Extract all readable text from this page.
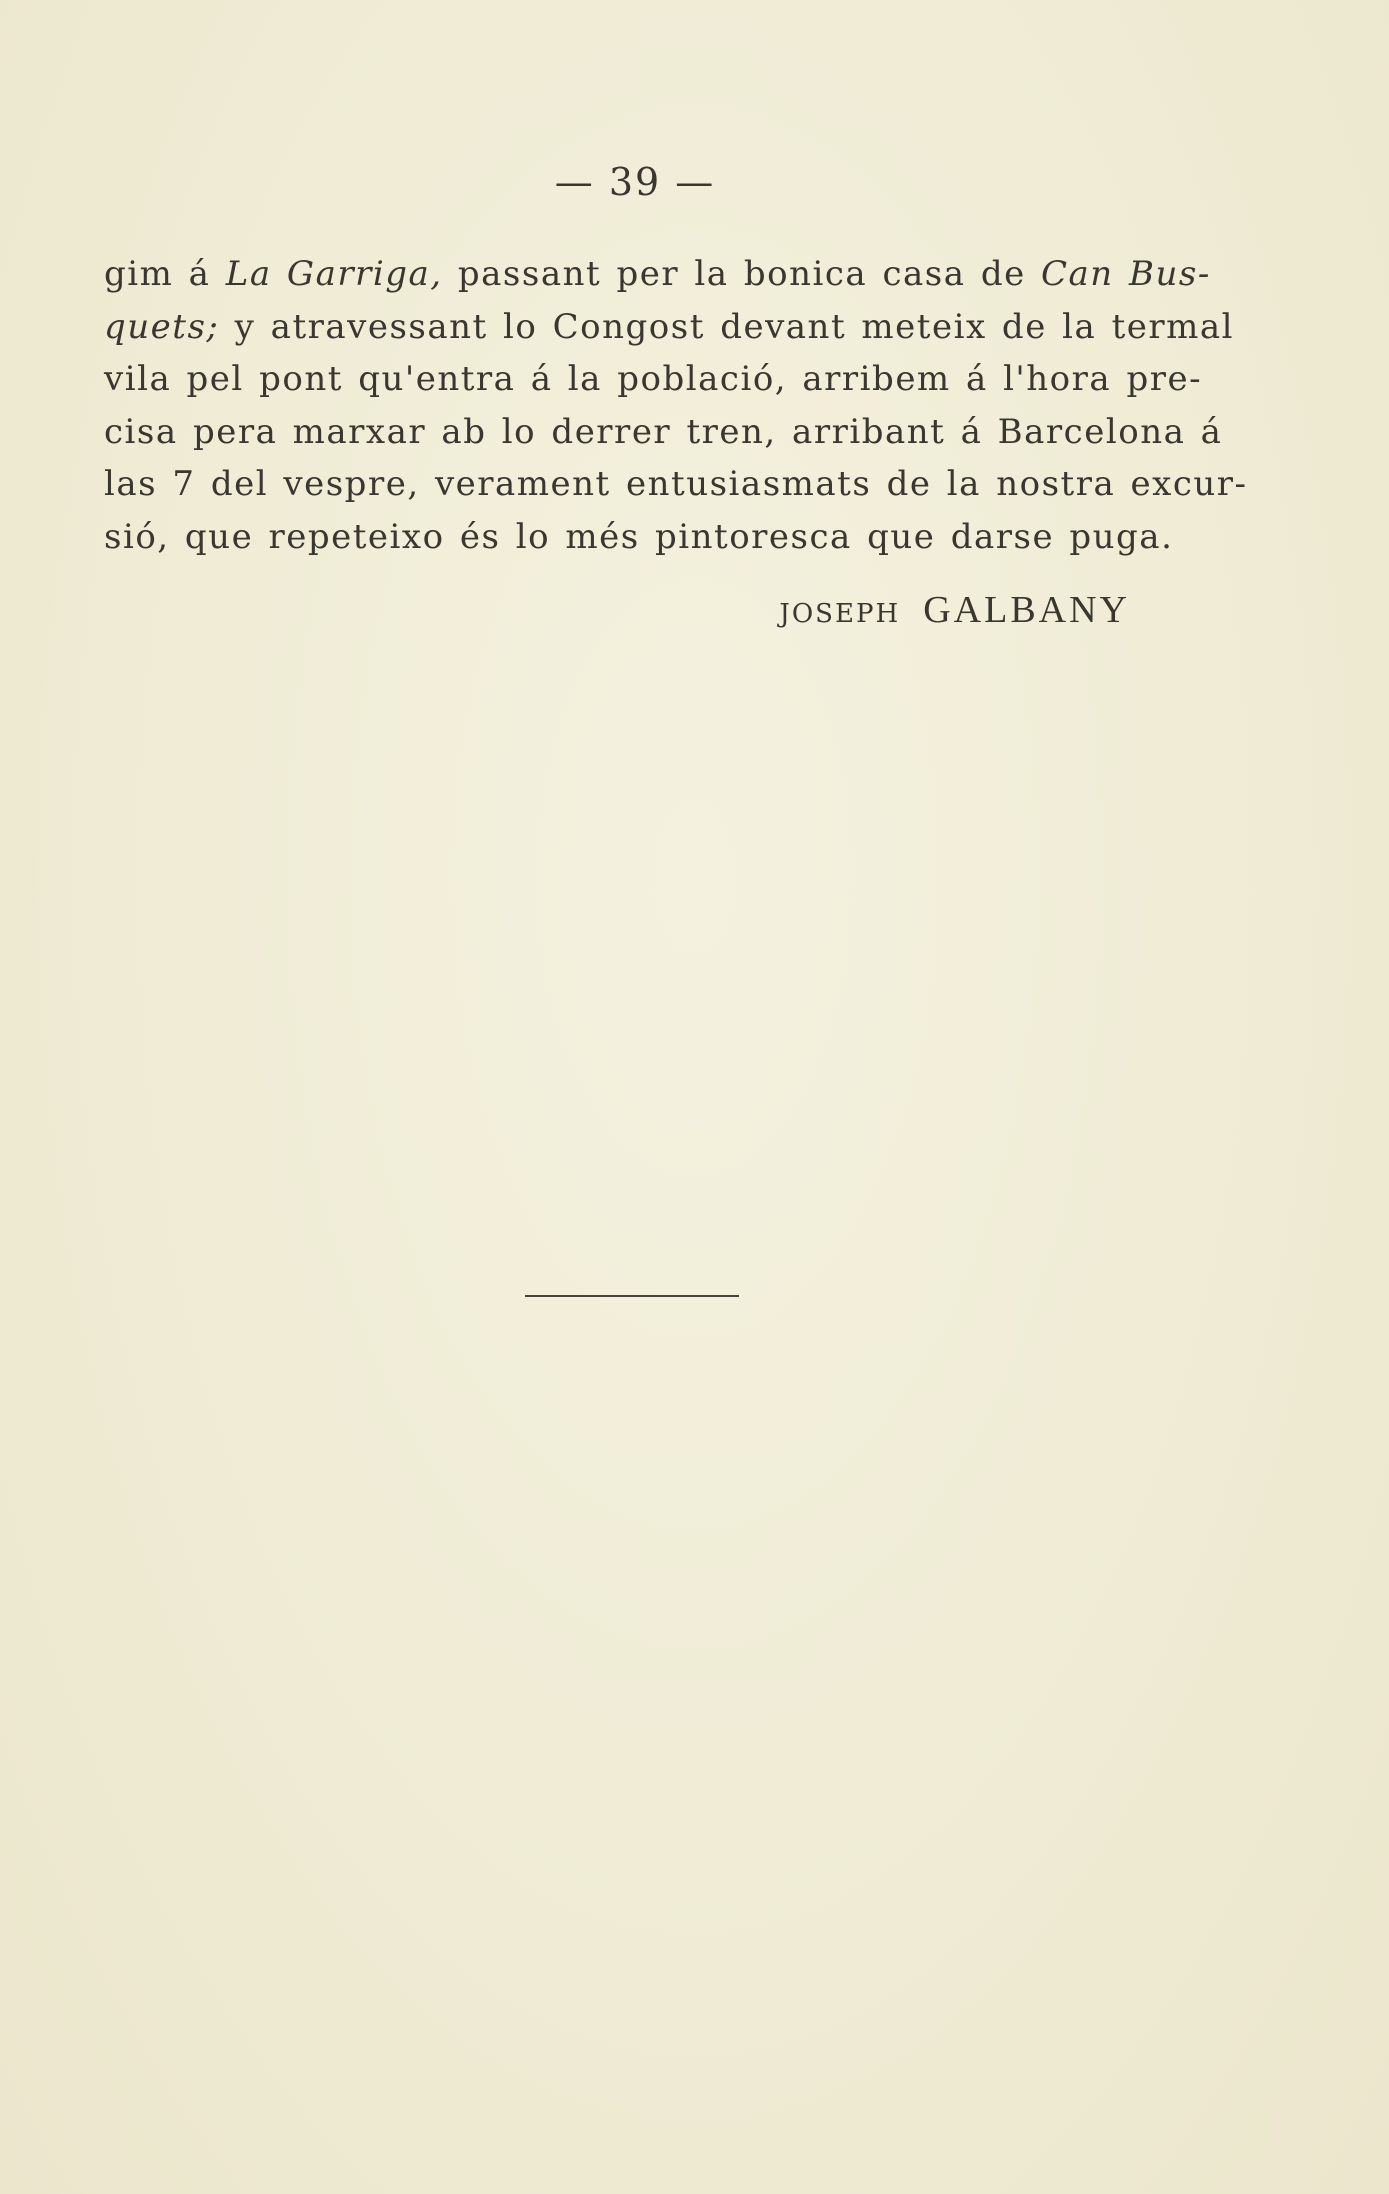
— 39 —
gim á La Garriga, passant per la bonica casa de Can Bus-
quets; y atravessant lo Congost devant meteix de la termal
vila pel pont qu'entra á la població, arribem á l'hora pre-
cisa pera marxar ab lo derrer tren, arribant á Barcelona á
las 7 del vespre, verament entusiasmats de la nostra excur-
sió, que repeteixo és lo més pintoresca que darse puga.
JOSEPH GALBANY
